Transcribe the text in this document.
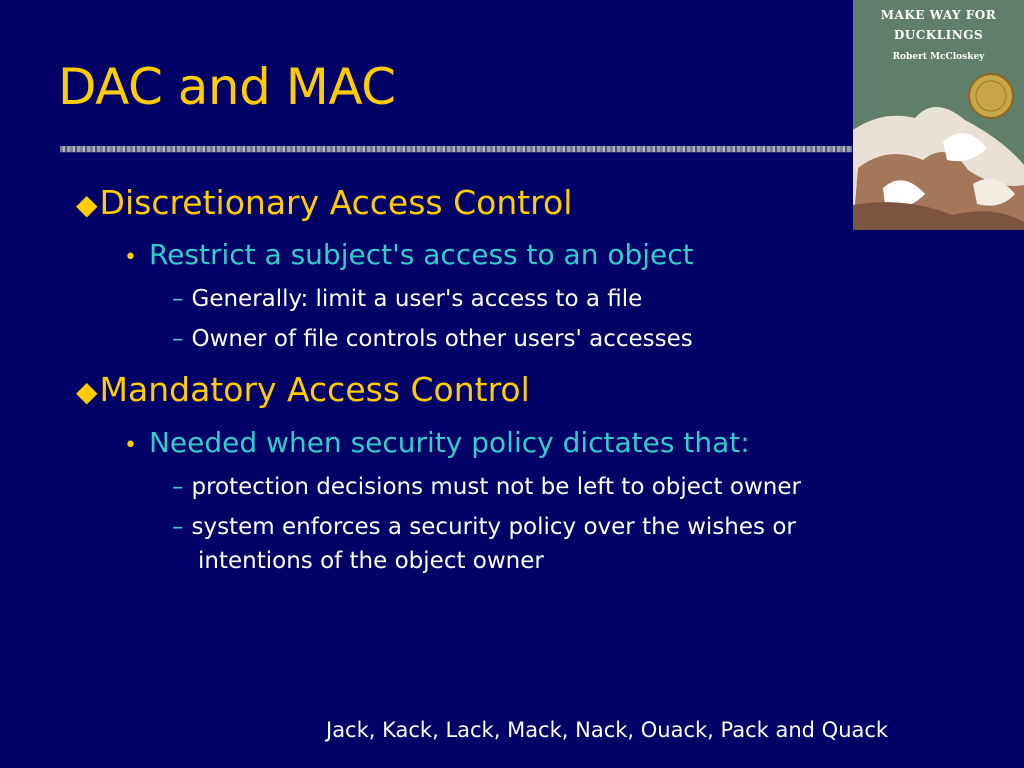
DAC and MAC
MAKE WAY FOR
DUCKLINGS
Robert McCloskey
◆Discretionary Access Control
• Restrict a subject's access to an object
– Generally: limit a user's access to a file
– Owner of file controls other users' accesses
◆Mandatory Access Control
• Needed when security policy dictates that:
– protection decisions must not be left to object owner
– system enforces a security policy over the wishes or
intentions of the object owner
Jack, Kack, Lack, Mack, Nack, Ouack, Pack and Quack
